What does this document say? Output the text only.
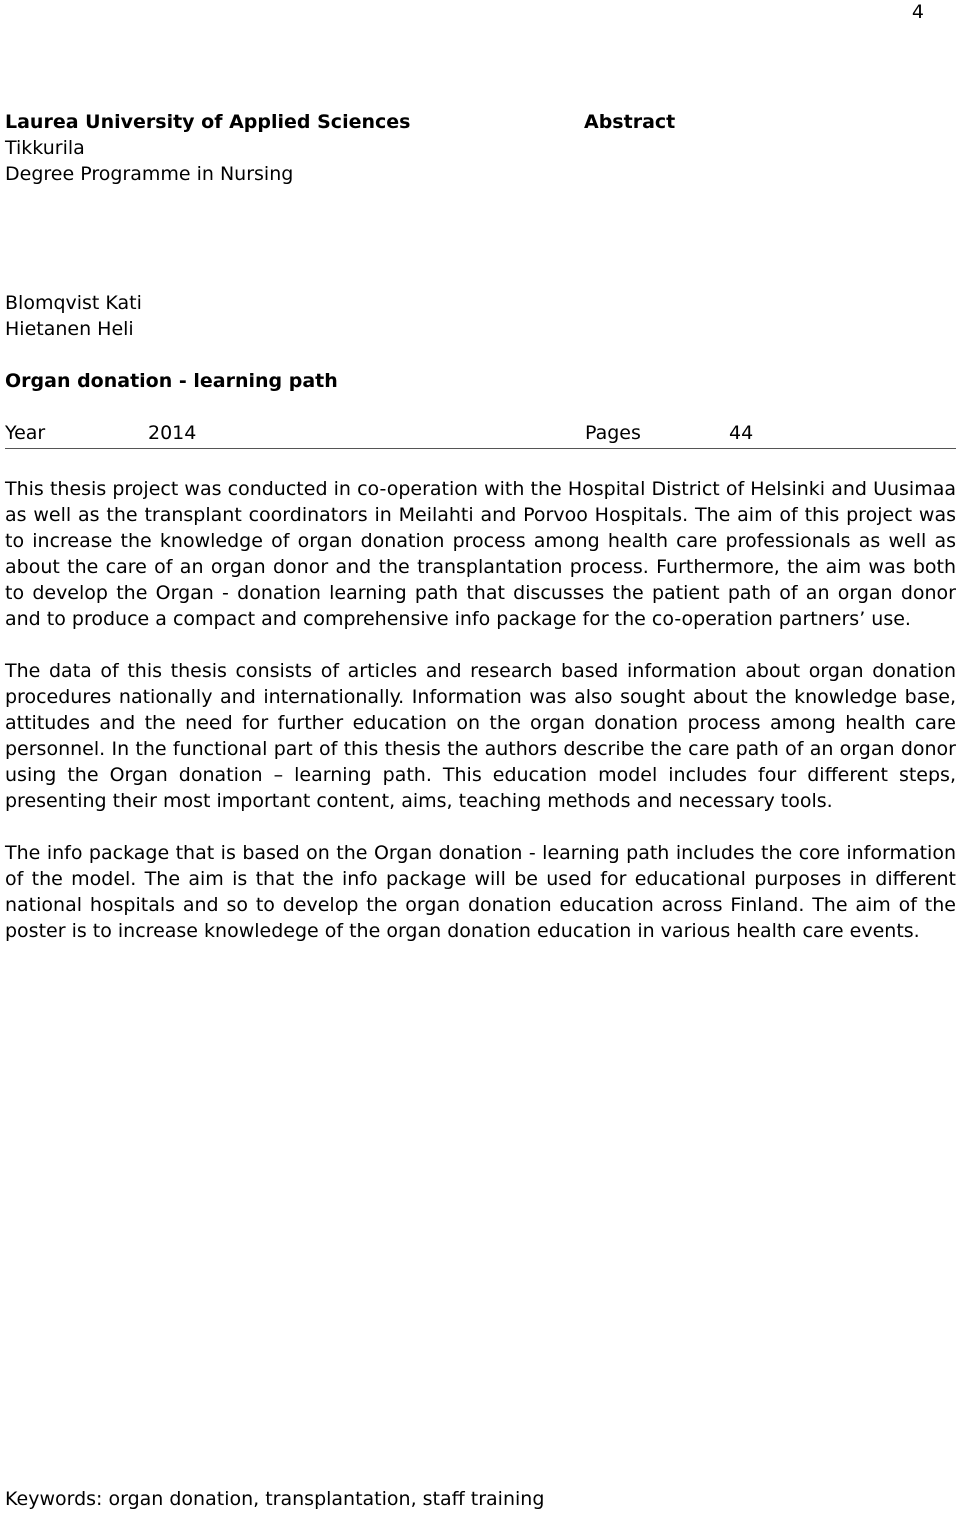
4
Laurea University of Applied Sciences
Tikkurila
Degree Programme in Nursing
Abstract
Blomqvist Kati
Hietanen Heli
Organ donation - learning path
Year	2014	Pages	44

This thesis project was conducted in co-operation with the Hospital District of Helsinki and Uusimaa as well as the transplant coordinators in Meilahti and Porvoo Hospitals. The aim of this project was to increase the knowledge of organ donation process among health care professionals as well as about the care of an organ donor and the transplantation process. Furthermore, the aim was both to develop the Organ - donation learning path that discusses the patient path of an organ donor and to produce a compact and comprehensive info package for the co-operation partners’ use.

The data of this thesis consists of articles and research based information about organ donation procedures nationally and internationally. Information was also sought about the knowledge base, attitudes and the need for further education on the organ donation process among health care personnel. In the functional part of this thesis the authors describe the care path of an organ donor using the Organ donation – learning path. This education model includes four different steps, presenting their most important content, aims, teaching methods and necessary tools.

The info package that is based on the Organ donation - learning path includes the core information of the model. The aim is that the info package will be used for educational purposes in different national hospitals and so to develop the organ donation education across Finland. The aim of the poster is to increase knowledege of the organ donation education in various health care events.

Keywords: organ donation, transplantation, staff training
